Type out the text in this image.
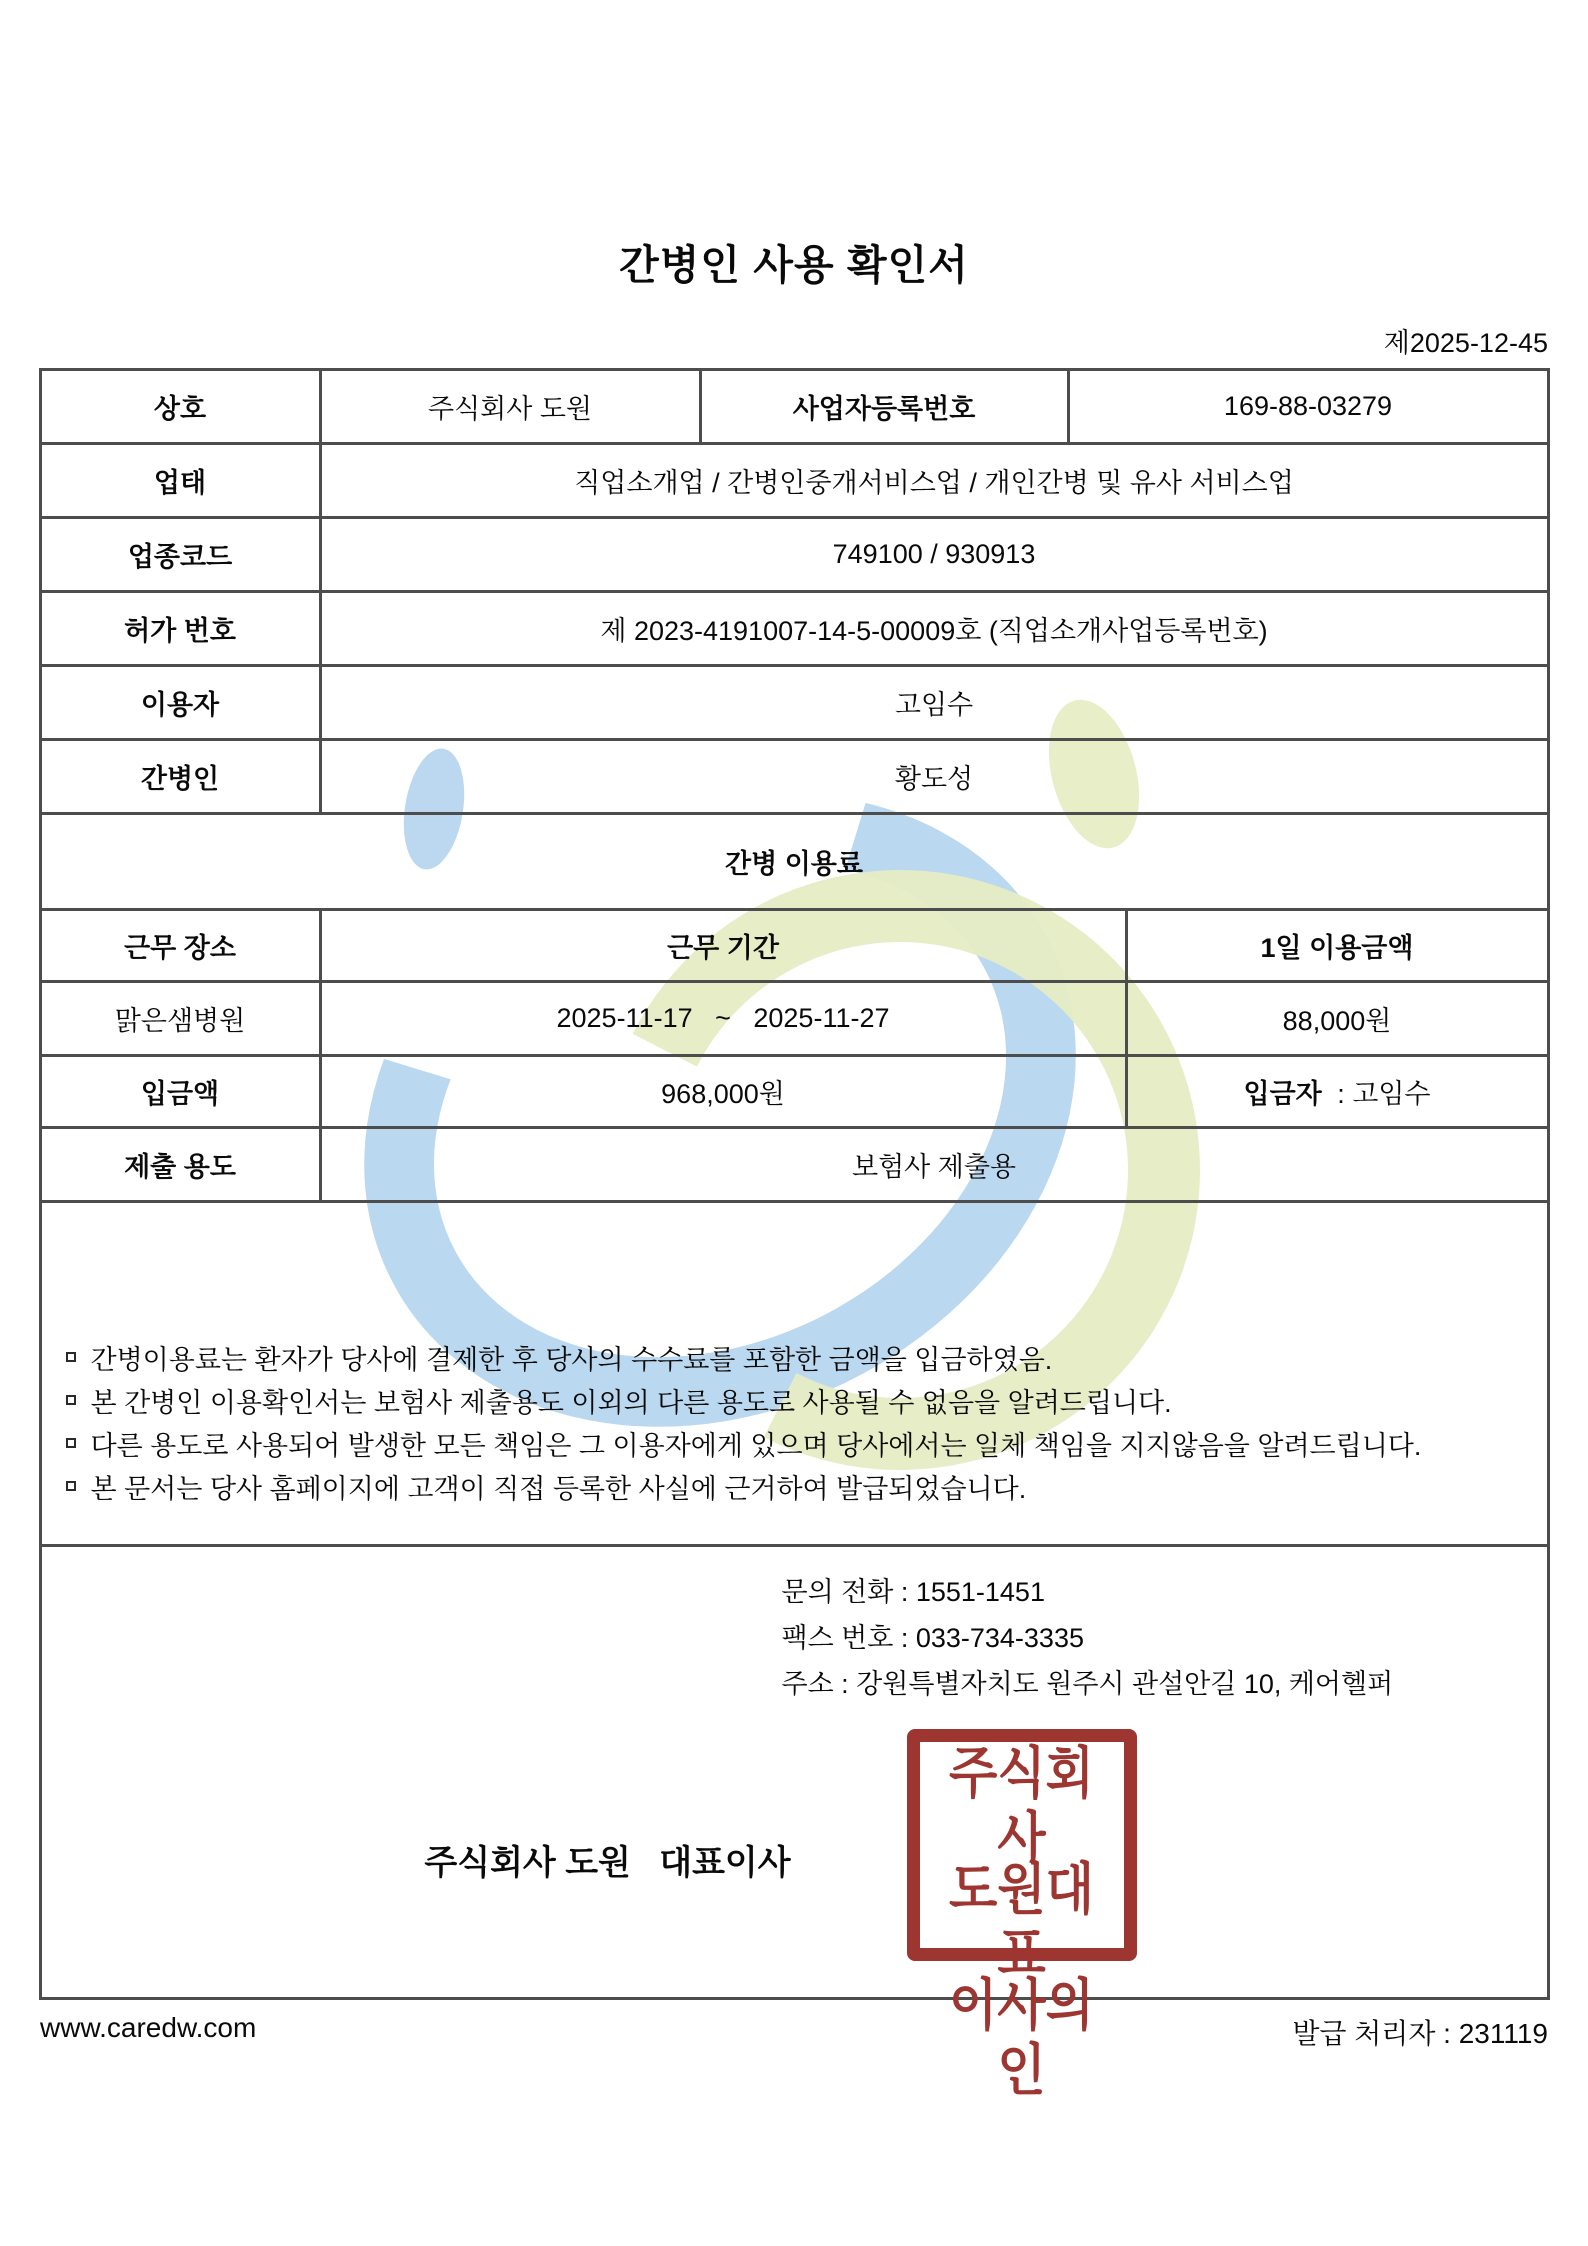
간병인 사용 확인서
제2025-12-45
상호	주식회사 도원	사업자등록번호	169-88-03279	
업태	직업소개업 / 간병인중개서비스업 / 개인간병 및 유사 서비스업			
업종코드	749100 / 930913			
허가 번호	제 2023-4191007-14-5-00009호 (직업소개사업등록번호)			
이용자	고임수			
간병인	황도성			
간병 이용료				
근무 장소	근무 기간			1일 이용금액
맑은샘병원	2025-11-17   ~   2025-11-27			88,000원
입금액	968,000원			입금자 : 고임수
제출 용도	보험사 제출용			

간병이용료는 환자가 당사에 결제한 후 당사의 수수료를 포함한 금액을 입금하였음.
본 간병인 이용확인서는 보험사 제출용도 이외의 다른 용도로 사용될 수 없음을 알려드립니다.
다른 용도로 사용되어 발생한 모든 책임은 그 이용자에게 있으며 당사에서는 일체 책임을 지지않음을 알려드립니다.
본 문서는 당사 홈페이지에 고객이 직접 등록한 사실에 근거하여 발급되었습니다.				

문의 전화 : 1551-1451
팩스 번호 : 033-734-3335
주소 : 강원특별자치도 원주시 관설안길 10, 케어헬퍼
주식회사 도원   대표이사
주식회사
도원대표
이사의인
www.caredw.com	발급 처리자 : 231119
